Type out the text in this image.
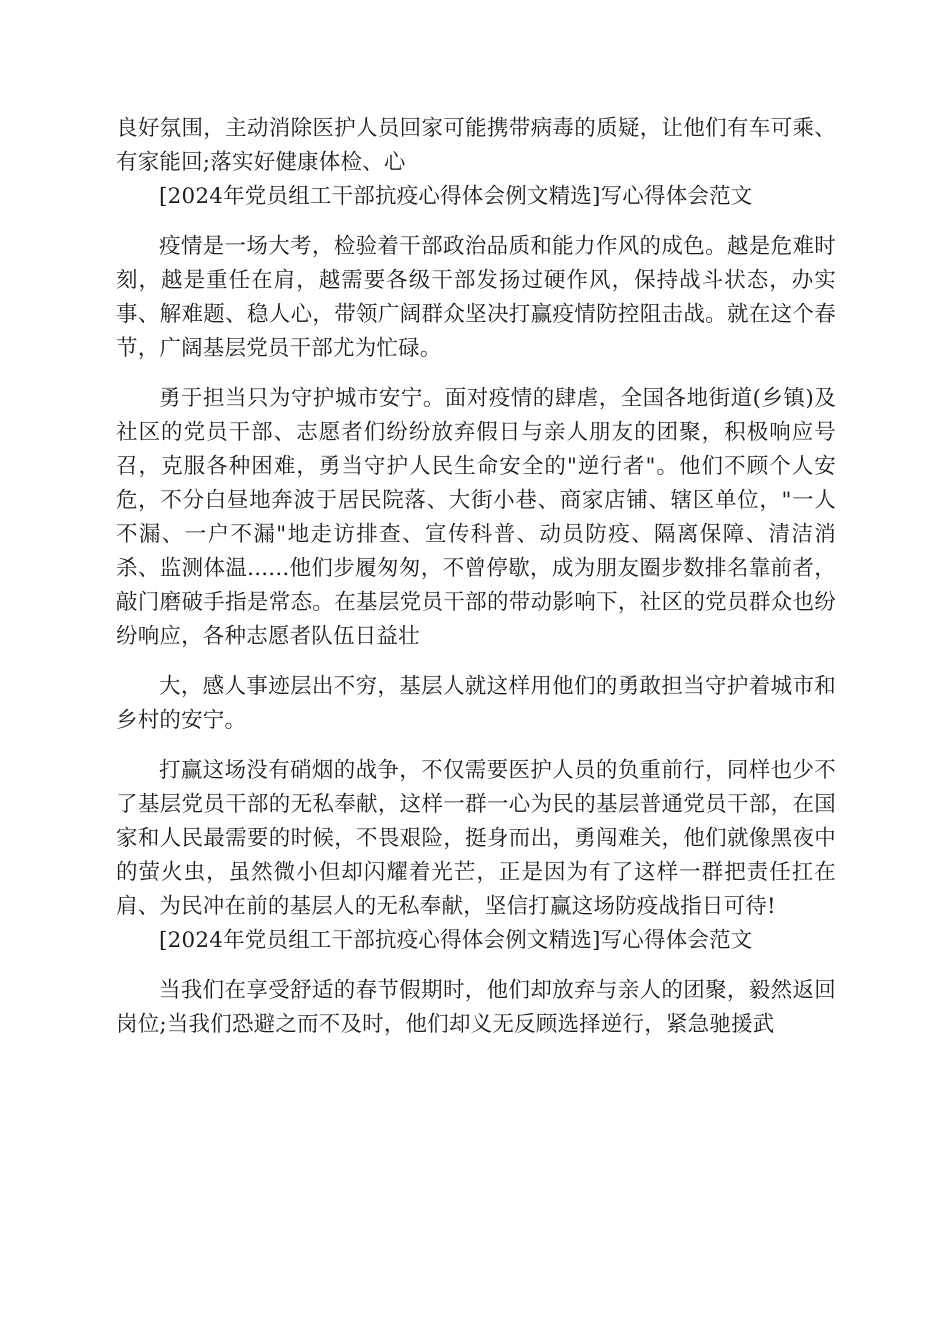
良好氛围，主动消除医护人员回家可能携带病毒的质疑，让他们有车可乘、有家能回;落实好健康体检、心

[2024年党员组工干部抗疫心得体会例文精选]写心得体会范文

疫情是一场大考，检验着干部政治品质和能力作风的成色。越是危难时刻，越是重任在肩，越需要各级干部发扬过硬作风，保持战斗状态，办实事、解难题、稳人心，带领广阔群众坚决打赢疫情防控阻击战。就在这个春节，广阔基层党员干部尤为忙碌。

勇于担当只为守护城市安宁。面对疫情的肆虐，全国各地街道(乡镇)及社区的党员干部、志愿者们纷纷放弃假日与亲人朋友的团聚，积极响应号召，克服各种困难，勇当守护人民生命安全的"逆行者"。他们不顾个人安危，不分白昼地奔波于居民院落、大街小巷、商家店铺、辖区单位，"一人不漏、一户不漏"地走访排查、宣传科普、动员防疫、隔离保障、清洁消杀、监测体温......他们步履匆匆，不曾停歇，成为朋友圈步数排名靠前者，敲门磨破手指是常态。在基层党员干部的带动影响下，社区的党员群众也纷纷响应，各种志愿者队伍日益壮

大，感人事迹层出不穷，基层人就这样用他们的勇敢担当守护着城市和乡村的安宁。

打赢这场没有硝烟的战争，不仅需要医护人员的负重前行，同样也少不了基层党员干部的无私奉献，这样一群一心为民的基层普通党员干部，在国家和人民最需要的时候，不畏艰险，挺身而出，勇闯难关，他们就像黑夜中的萤火虫，虽然微小但却闪耀着光芒，正是因为有了这样一群把责任扛在肩、为民冲在前的基层人的无私奉献，坚信打赢这场防疫战指日可待!

[2024年党员组工干部抗疫心得体会例文精选]写心得体会范文

当我们在享受舒适的春节假期时，他们却放弃与亲人的团聚，毅然返回岗位;当我们恐避之而不及时，他们却义无反顾选择逆行，紧急驰援武
